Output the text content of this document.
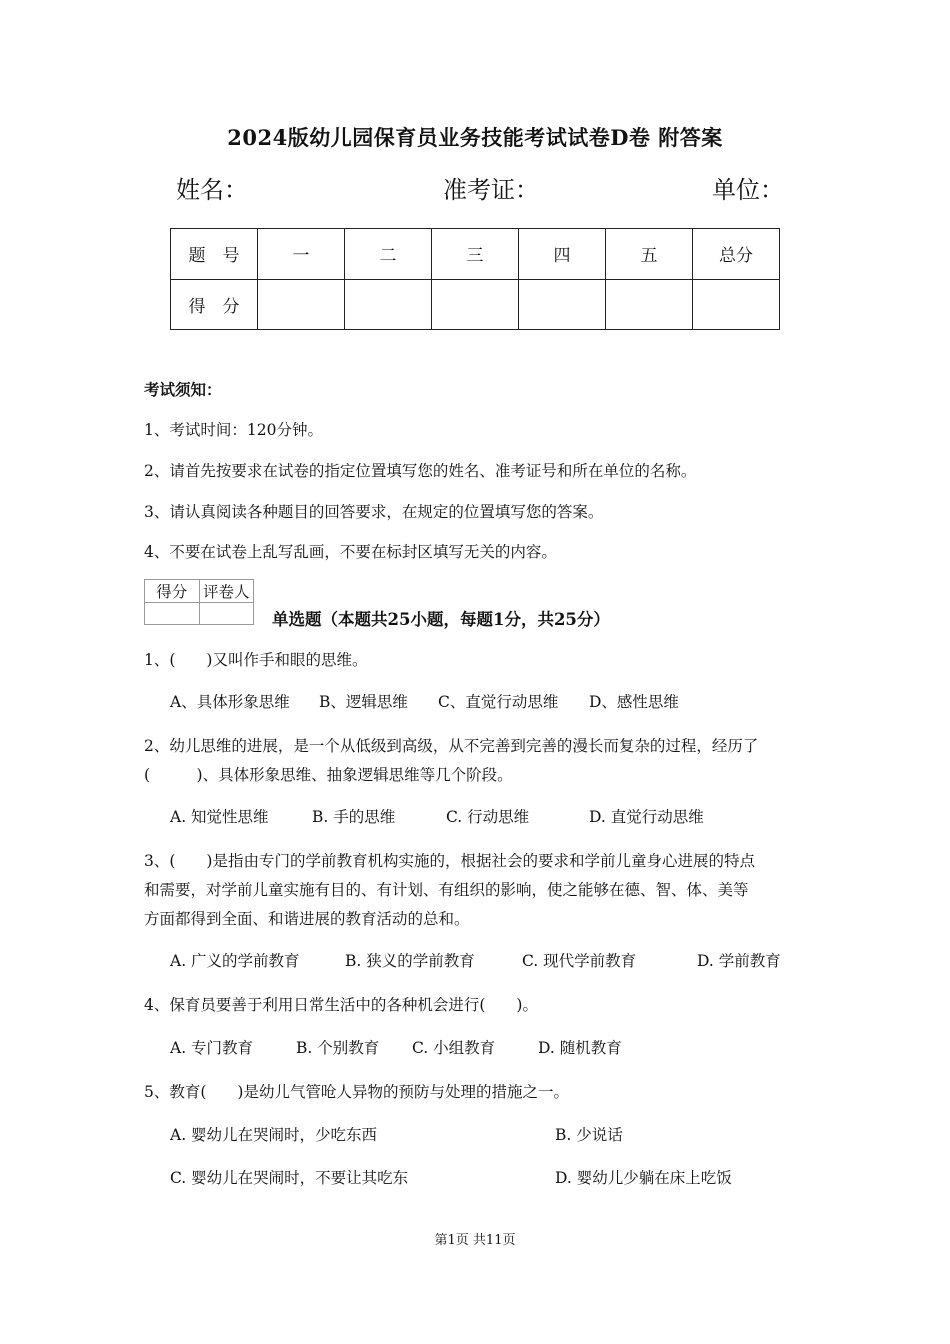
2024版幼儿园保育员业务技能考试试卷D卷 附答案
姓名：	准考证：	单位：
题　号	一	二	三	四	五	总分
得　分						
考试须知：
1、考试时间：120分钟。
2、请首先按要求在试卷的指定位置填写您的姓名、准考证号和所在单位的名称。
3、请认真阅读各种题目的回答要求，在规定的位置填写您的答案。
4、不要在试卷上乱写乱画，不要在标封区填写无关的内容。
得分	评卷人

单选题（本题共25小题，每题1分，共25分）
1、(　　)又叫作手和眼的思维。
A、具体形象思维 B、逻辑思维 C、直觉行动思维 D、感性思维
2、幼儿思维的进展，是一个从低级到高级，从不完善到完善的漫长而复杂的过程，经历了
(　　　)、具体形象思维、抽象逻辑思维等几个阶段。
A. 知觉性思维	B. 手的思维	C. 行动思维	D. 直觉行动思维
3、(　　)是指由专门的学前教育机构实施的，根据社会的要求和学前儿童身心进展的特点
和需要，对学前儿童实施有目的、有计划、有组织的影响，使之能够在德、智、体、美等
方面都得到全面、和谐进展的教育活动的总和。
A. 广义的学前教育	B. 狭义的学前教育	C. 现代学前教育	D. 学前教育
4、保育员要善于利用日常生活中的各种机会进行(　　)。
A. 专门教育	B. 个别教育 C. 小组教育	D. 随机教育
5、教育(　　)是幼儿气管呛人异物的预防与处理的措施之一。
A. 婴幼儿在哭闹时，少吃东西	B. 少说话
C. 婴幼儿在哭闹时，不要让其吃东	D. 婴幼儿少躺在床上吃饭
第1页 共11页
